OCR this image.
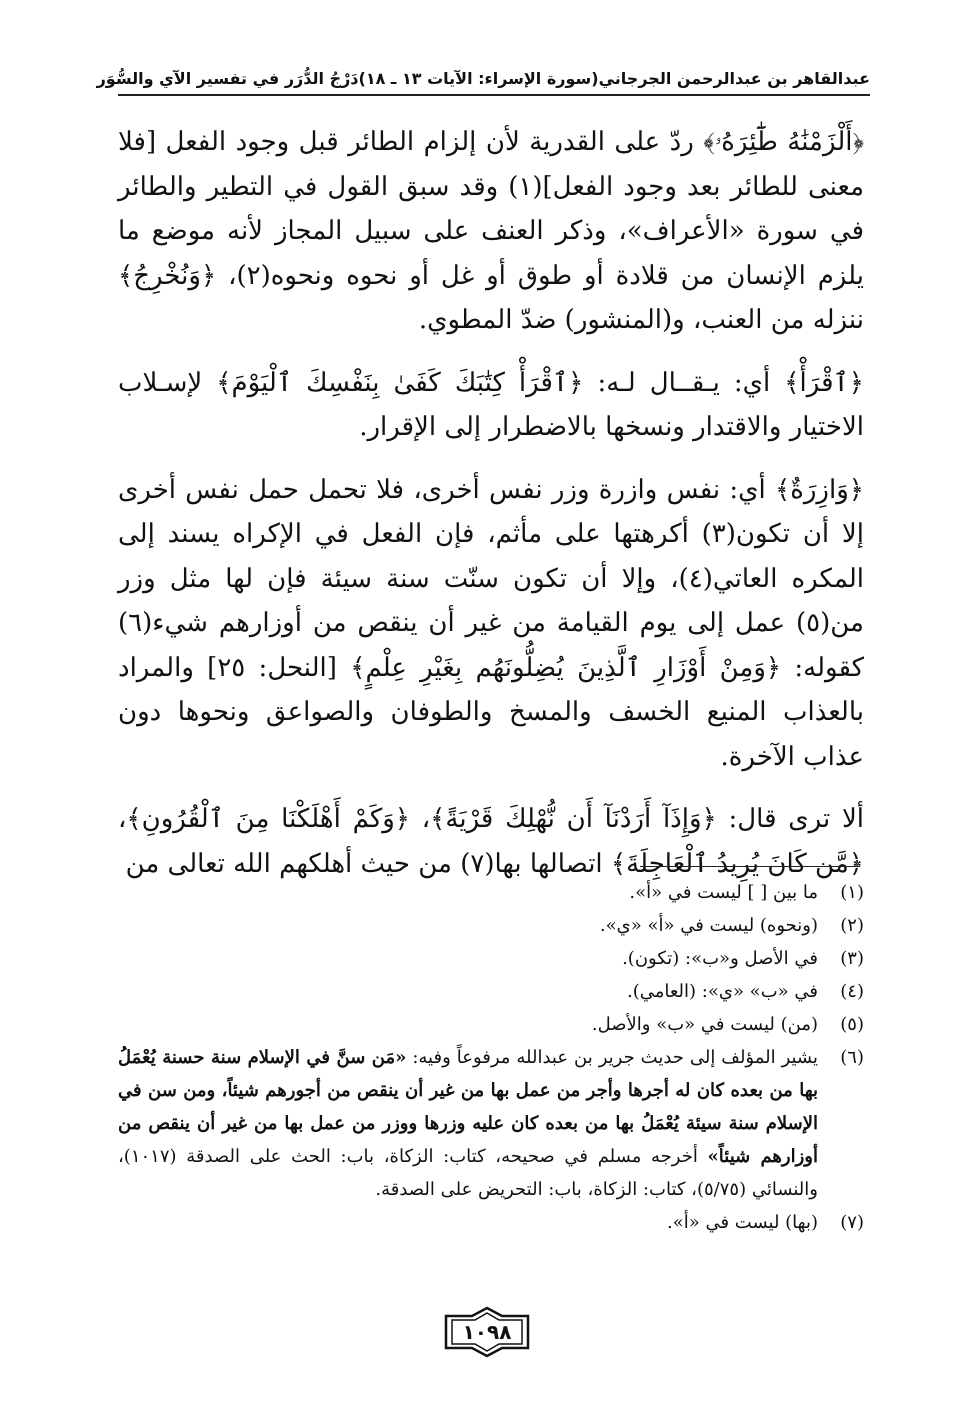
عبدالقاهر بن عبدالرحمن الجرجاني
(سورة الإسراء: الآيات ١٣ ـ ١٨)
دَرْجُ الدُّرَر في تفسير الآي والسُّوَر

﴿أَلْزَمْنَٰهُ طَٰٓئِرَهُۥ﴾ ردّ على القدرية لأن إلزام الطائر قبل وجود الفعل [فلا معنى للطائر بعد وجود الفعل](١) وقد سبق القول في التطير والطائر في سورة «الأعراف»، وذكر العنف على سبيل المجاز لأنه موضع ما يلزم الإنسان من قلادة أو طوق أو غل أو نحوه ونحوه(٢)، ﴿وَنُخْرِجُ﴾ ننزله من العنب، و(المنشور) ضدّ المطوي.

﴿ٱقْرَأْ﴾ أي: يـقــال لـه: ﴿ٱقْرَأْ كِتَٰبَكَ كَفَىٰ بِنَفْسِكَ ٱلْيَوْمَ﴾ لإسـلاب الاختيار والاقتدار ونسخها بالاضطرار إلى الإقرار.

﴿وَازِرَةٌ﴾ أي: نفس وازرة وزر نفس أخرى، فلا تحمل حمل نفس أخرى إلا أن تكون(٣) أكرهتها على مأثم، فإن الفعل في الإكراه يسند إلى المكره العاتي(٤)، وإلا أن تكون سنّت سنة سيئة فإن لها مثل وزر من(٥) عمل إلى يوم القيامة من غير أن ينقص من أوزارهم شيء(٦) كقوله: ﴿وَمِنْ أَوْزَارِ ٱلَّذِينَ يُضِلُّونَهُم بِغَيْرِ عِلْمٍ﴾ [النحل: ٢٥] والمراد بالعذاب المنيع الخسف والمسخ والطوفان والصواعق ونحوها دون عذاب الآخرة.

ألا ترى قال: ﴿وَإِذَآ أَرَدْنَآ أَن نُّهْلِكَ قَرْيَةً﴾، ﴿وَكَمْ أَهْلَكْنَا مِنَ ٱلْقُرُونِ﴾، ﴿مَّن كَانَ يُرِيدُ ٱلْعَاجِلَةَ﴾ اتصالها بها(٧) من حيث أهلكهم الله تعالى من

(١)
ما بين [ ] ليست في «أ».
(٢)
(ونحوه) ليست في «أ» «ي».
(٣)
في الأصل و«ب»: (تكون).
(٤)
في «ب» «ي»: (العامي).
(٥)
(من) ليست في «ب» والأصل.
(٦)
يشير المؤلف إلى حديث جرير بن عبدالله مرفوعاً وفيه: «مَن سنَّ في الإسلام سنة حسنة يُعْمَلُ بها من بعده كان له أجرها وأجر من عمل بها من غير أن ينقص من أجورهم شيئاً، ومن سن في الإسلام سنة سيئة يُعْمَلُ بها من بعده كان عليه وزرها ووزر من عمل بها من غير أن ينقص من أوزارهم شيئاً» أخرجه مسلم في صحيحه، كتاب: الزكاة، باب: الحث على الصدقة (١٠١٧)، والنسائي (٥/٧٥)، كتاب: الزكاة، باب: التحريض على الصدقة.
(٧)
(بها) ليست في «أ».
١٠٩٨
